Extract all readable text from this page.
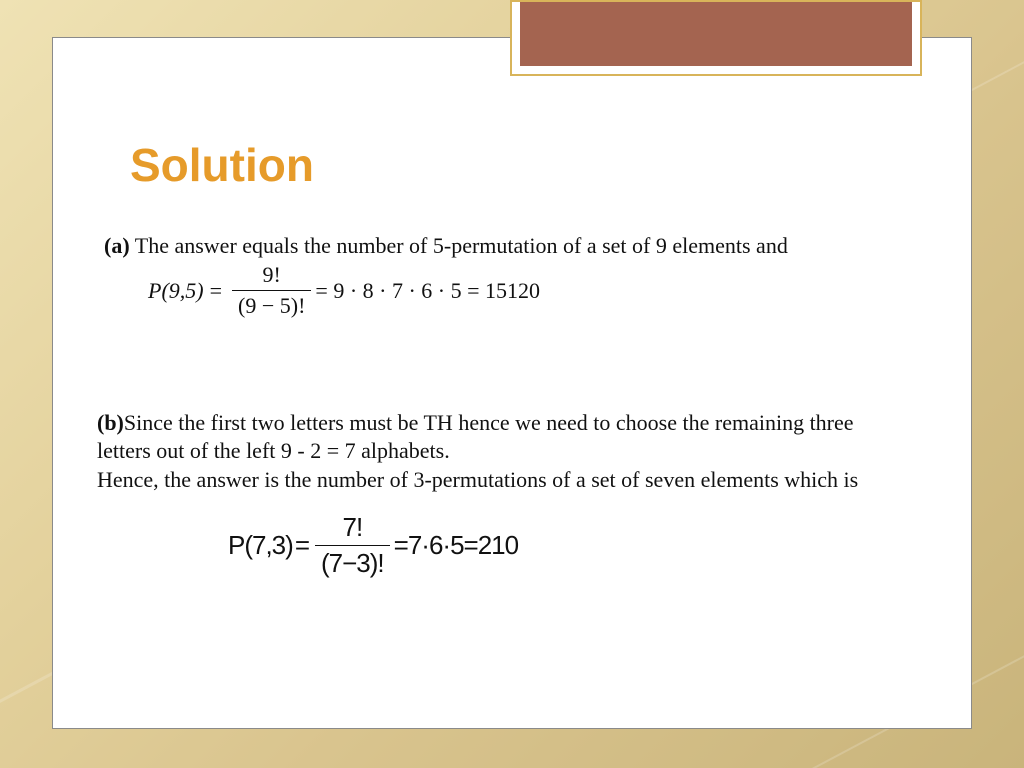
Solution
(a) The answer equals the number of 5-permutation of a set of 9 elements and
$P(9,5) = \frac{9!}{(9 - 5)!} = 9 \cdot 8 \cdot 7 \cdot 6 \cdot 5 = 15120$
(b)Since the first two letters must be TH hence we need to choose the remaining three
letters out of the left 9 - 2 = 7 alphabets.
Hence, the answer is the number of 3-permutations of a set of seven elements which is
$P(7,3) = \frac{7!}{(7-3)!} =7\cdot 6\cdot 5=210$
